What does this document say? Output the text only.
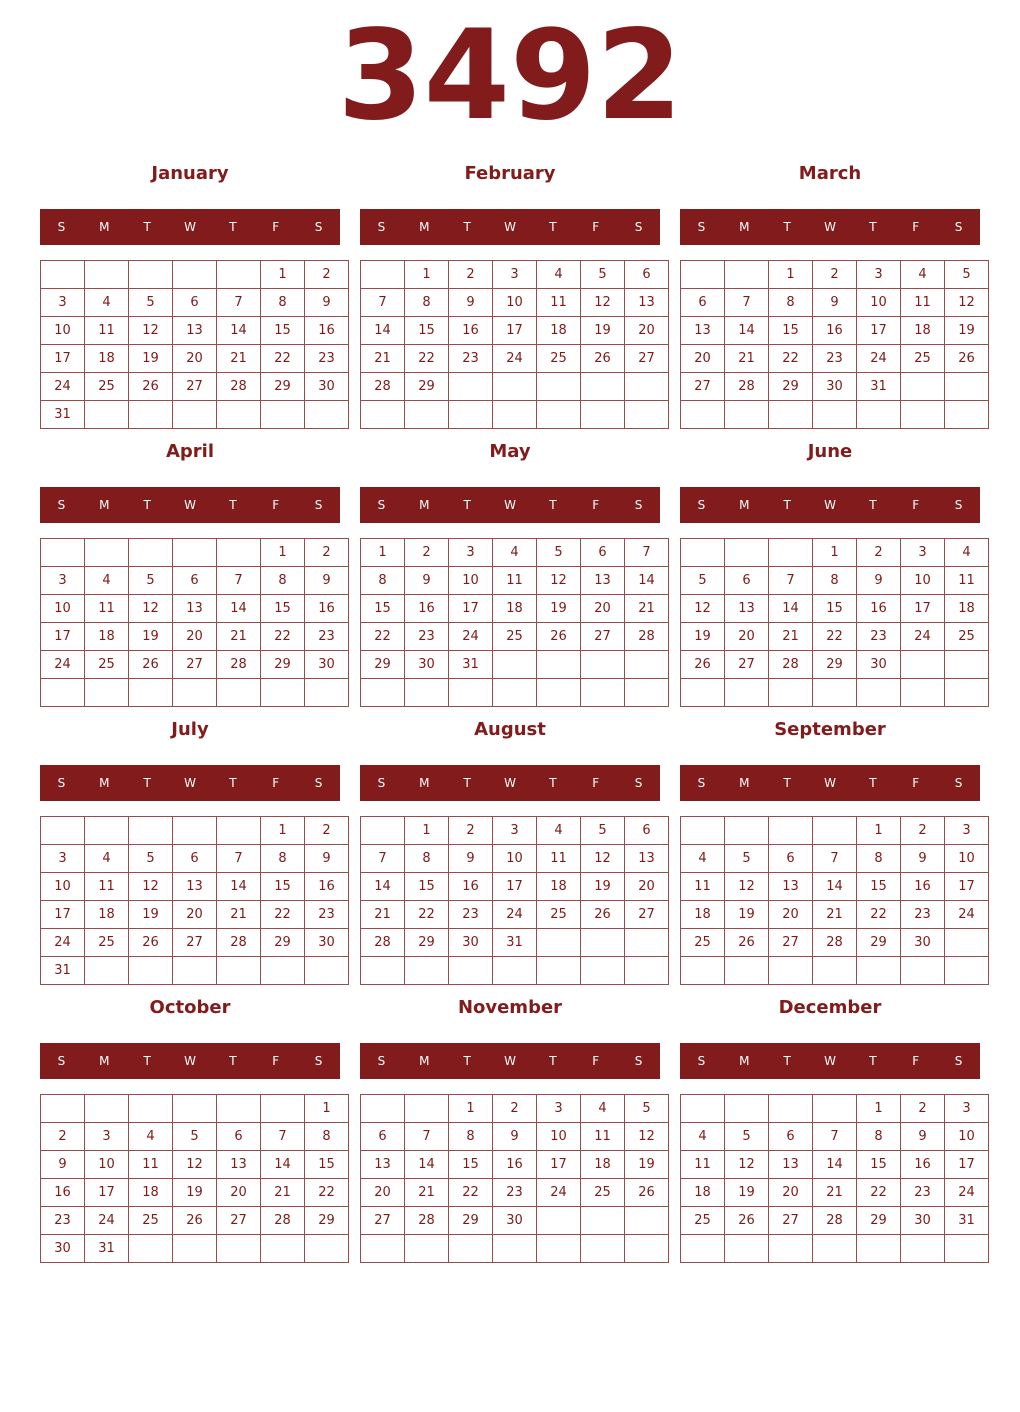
3492
January
S	M	T	W	T	F	S
					1	2
3	4	5	6	7	8	9
10	11	12	13	14	15	16
17	18	19	20	21	22	23
24	25	26	27	28	29	30
31						
February
S	M	T	W	T	F	S
	1	2	3	4	5	6
7	8	9	10	11	12	13
14	15	16	17	18	19	20
21	22	23	24	25	26	27
28	29					

March
S	M	T	W	T	F	S
		1	2	3	4	5
6	7	8	9	10	11	12
13	14	15	16	17	18	19
20	21	22	23	24	25	26
27	28	29	30	31		

April
S	M	T	W	T	F	S
					1	2
3	4	5	6	7	8	9
10	11	12	13	14	15	16
17	18	19	20	21	22	23
24	25	26	27	28	29	30

May
S	M	T	W	T	F	S
1	2	3	4	5	6	7
8	9	10	11	12	13	14
15	16	17	18	19	20	21
22	23	24	25	26	27	28
29	30	31				

June
S	M	T	W	T	F	S
			1	2	3	4
5	6	7	8	9	10	11
12	13	14	15	16	17	18
19	20	21	22	23	24	25
26	27	28	29	30		

July
S	M	T	W	T	F	S
					1	2
3	4	5	6	7	8	9
10	11	12	13	14	15	16
17	18	19	20	21	22	23
24	25	26	27	28	29	30
31						
August
S	M	T	W	T	F	S
	1	2	3	4	5	6
7	8	9	10	11	12	13
14	15	16	17	18	19	20
21	22	23	24	25	26	27
28	29	30	31			

September
S	M	T	W	T	F	S
				1	2	3
4	5	6	7	8	9	10
11	12	13	14	15	16	17
18	19	20	21	22	23	24
25	26	27	28	29	30	

October
S	M	T	W	T	F	S
						1
2	3	4	5	6	7	8
9	10	11	12	13	14	15
16	17	18	19	20	21	22
23	24	25	26	27	28	29
30	31					
November
S	M	T	W	T	F	S
		1	2	3	4	5
6	7	8	9	10	11	12
13	14	15	16	17	18	19
20	21	22	23	24	25	26
27	28	29	30			

December
S	M	T	W	T	F	S
				1	2	3
4	5	6	7	8	9	10
11	12	13	14	15	16	17
18	19	20	21	22	23	24
25	26	27	28	29	30	31
